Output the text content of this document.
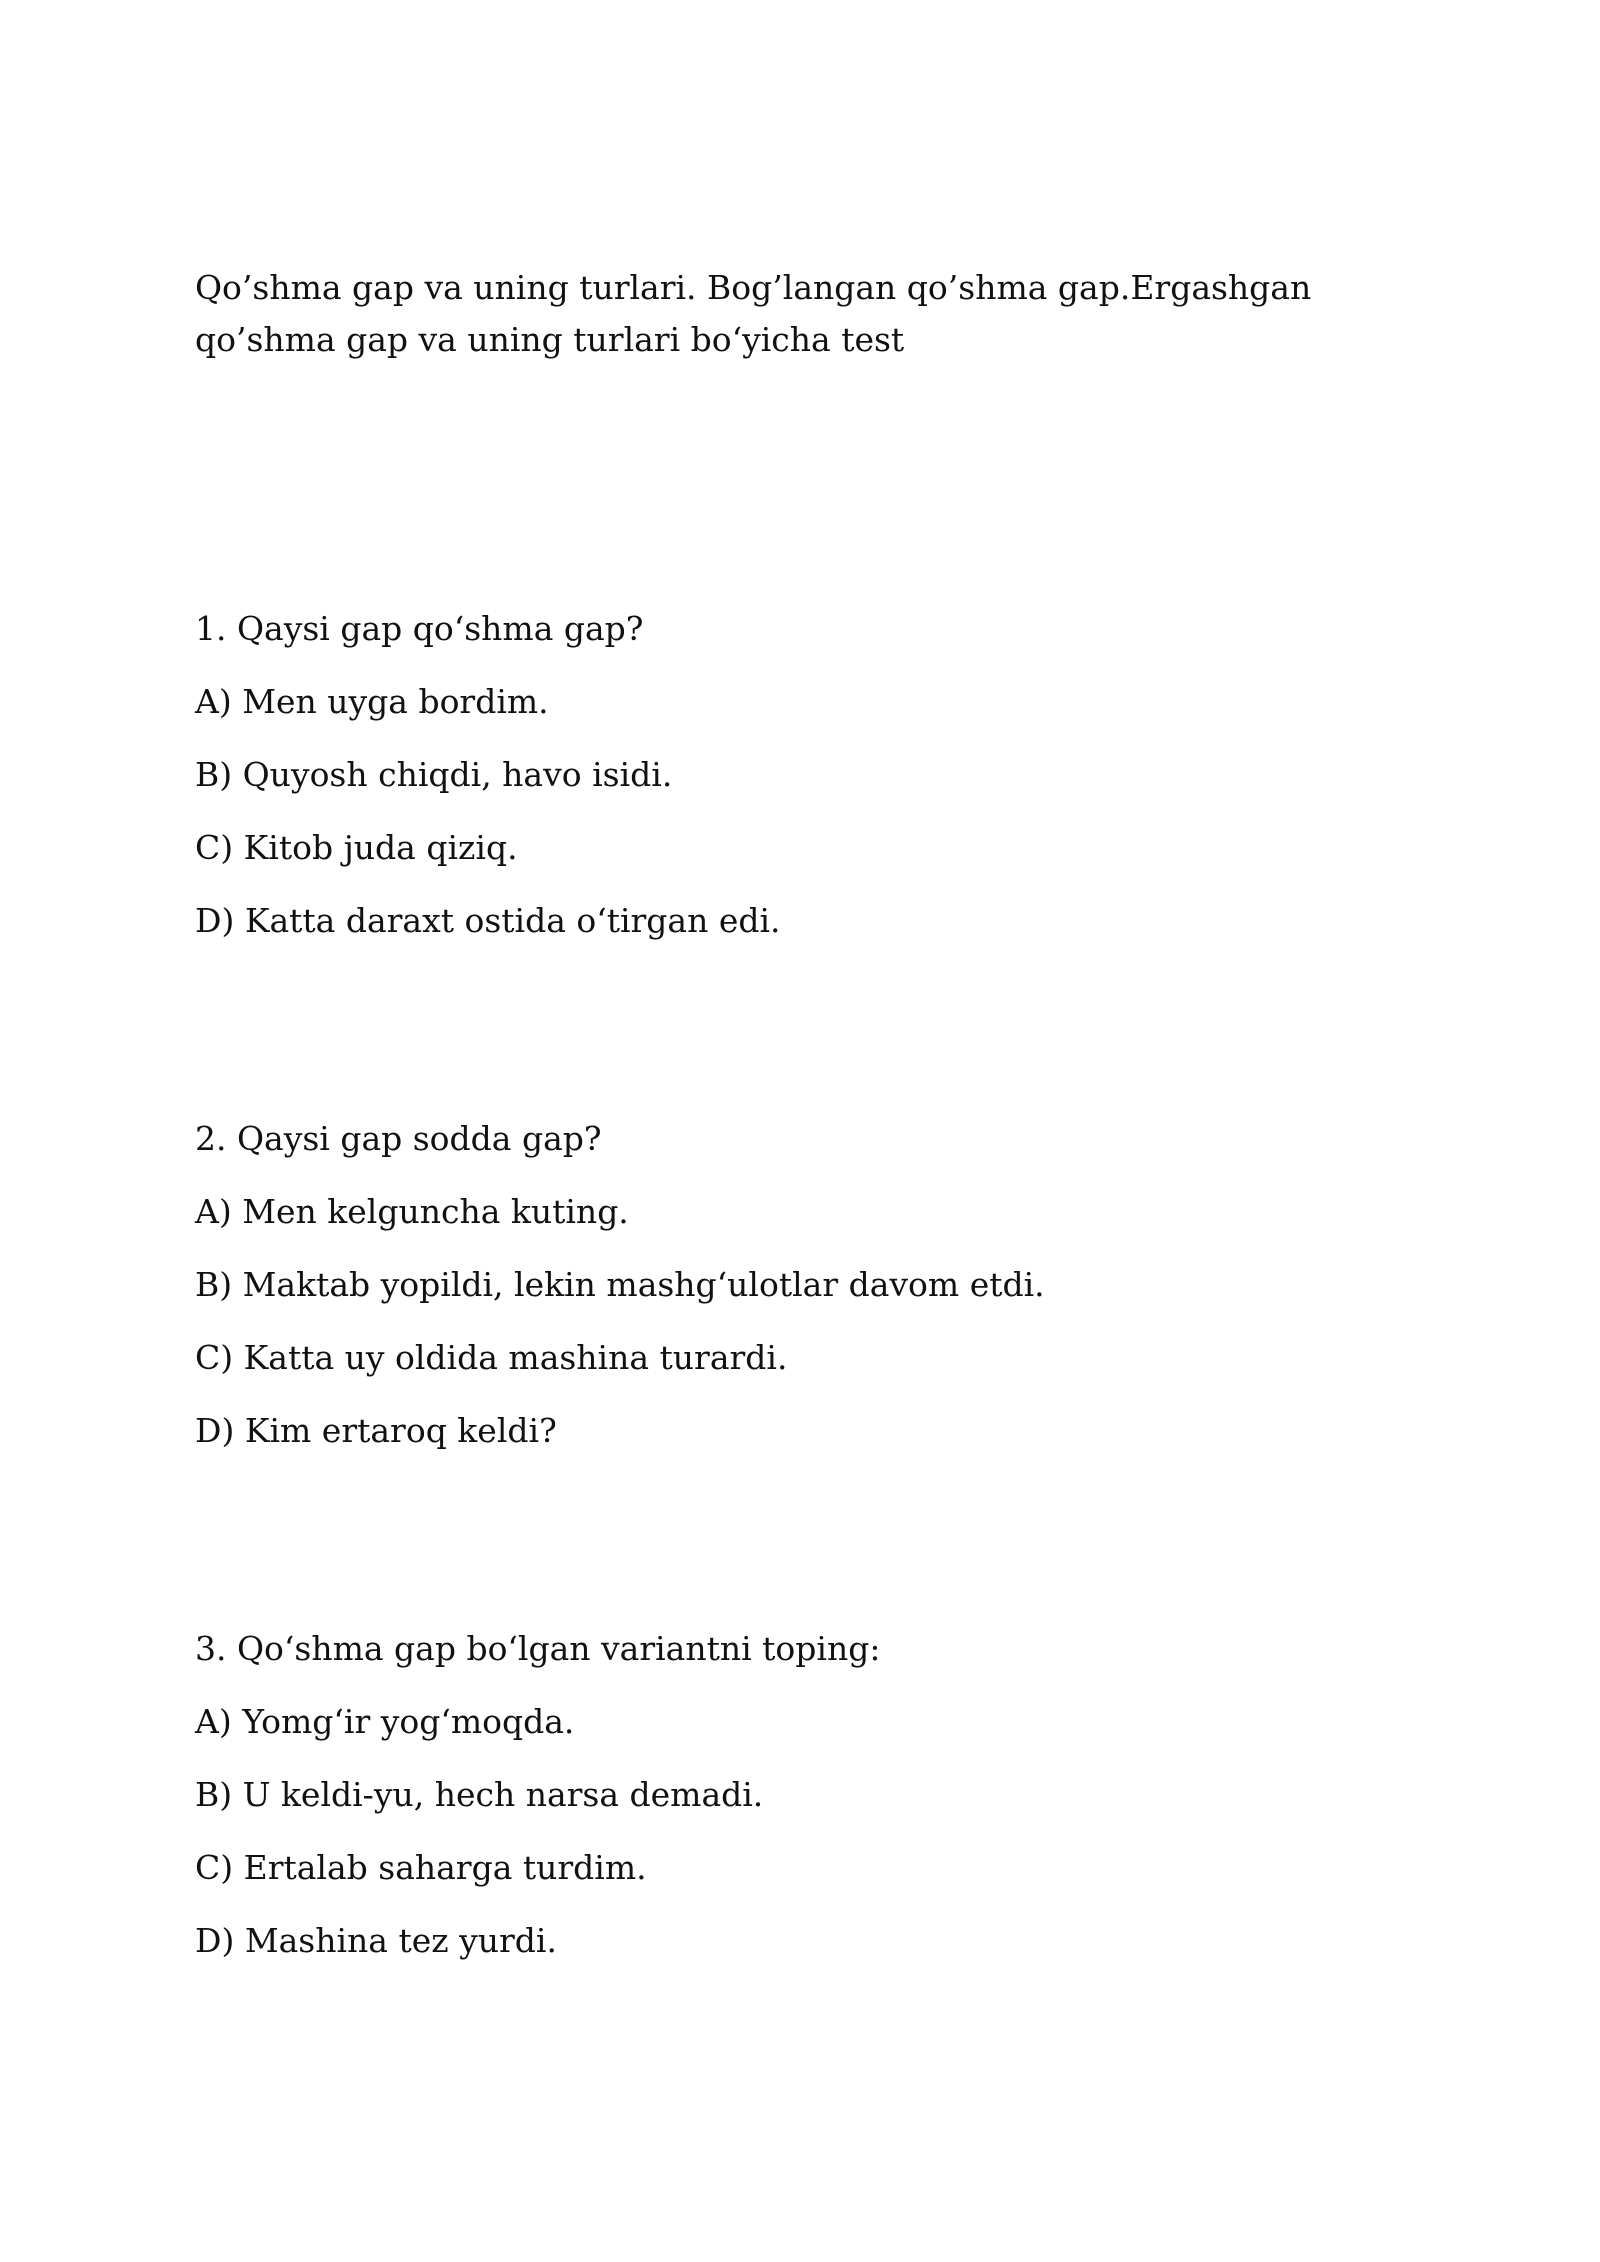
Qo’shma gap va uning turlari. Bog’langan qo’shma gap.Ergashgan qo’shma gap va uning turlari bo‘yicha test

1. Qaysi gap qo‘shma gap?

A) Men uyga bordim.

B) Quyosh chiqdi, havo isidi.

C) Kitob juda qiziq.

D) Katta daraxt ostida o‘tirgan edi.

2. Qaysi gap sodda gap?

A) Men kelguncha kuting.

B) Maktab yopildi, lekin mashg‘ulotlar davom etdi.

C) Katta uy oldida mashina turardi.

D) Kim ertaroq keldi?

3. Qo‘shma gap bo‘lgan variantni toping:

A) Yomg‘ir yog‘moqda.

B) U keldi-yu, hech narsa demadi.

C) Ertalab saharga turdim.

D) Mashina tez yurdi.
